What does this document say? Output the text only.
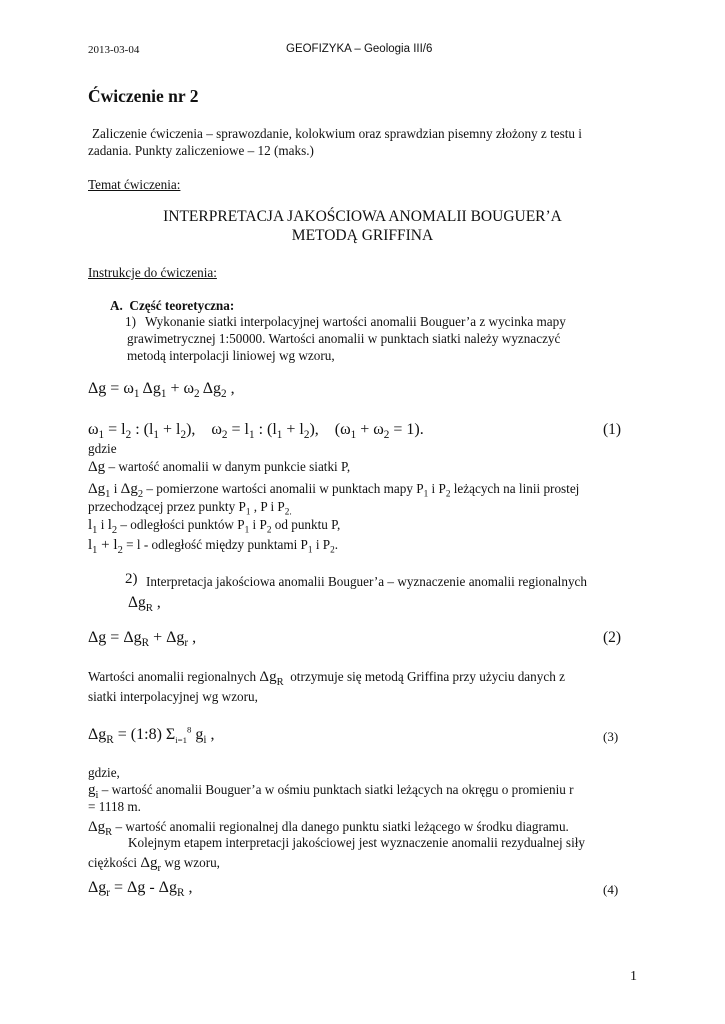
2013-03-04	GEOFIZYKA – Geologia III/6
Ćwiczenie nr 2
Zaliczenie ćwiczenia – sprawozdanie, kolokwium oraz sprawdzian pisemny złożony z testu i
zadania. Punkty zaliczeniowe – 12 (maks.)
Temat ćwiczenia:
INTERPRETACJA JAKOŚCIOWA ANOMALII BOUGUER’A
METODĄ GRIFFINA
Instrukcje do ćwiczenia:
A. Część teoretyczna:
1) Wykonanie siatki interpolacyjnej wartości anomalii Bouguer’a z wycinka mapy
grawimetrycznej 1:50000. Wartości anomalii w punktach siatki należy wyznaczyć
metodą interpolacji liniowej wg wzoru,
$\Delta g = \omega_1$ $\Delta g_1 + \omega_2$ $\Delta g_2$ ,
$\omega_1 = l_2$ : $(l_1 + l_2)$,    $\omega_2 = l_1$ : $(l_1 + l_2)$,    $(\omega_1 + \omega_2 = 1)$.	(1)
gdzie
Δg – wartość anomalii w danym punkcie siatki P,
$\Delta g_1$ i $\Delta g_2$ – pomierzone wartości anomalii w punktach mapy $P_1$ i $P_2$ leżących na linii prostej
przechodzącej przez punkty $P_1$ , P i $P_{2.}$
$l_1$ i $l_2$ – odległości punktów $P_1$ i $P_2$ od punktu P,
$l_1 + l_2 = l$ - odległość między punktami $P_1$ i $P_2$.
2) Interpretacja jakościowa anomalii Bouguer’a – wyznaczenie anomalii regionalnych
$\Delta g_R$ ,
$\Delta g = \Delta g_R + \Delta g_r$ ,	(2)
Wartości anomalii regionalnych $\Delta g_R$ otrzymuje się metodą Griffina przy użyciu danych z
siatki interpolacyjnej wg wzoru,
$\Delta g_R$ = (1:8) $\Sigma_{i=1}^8$ $g_i$ ,	(3)
gdzie,
$g_i$ – wartość anomalii Bouguer’a w ośmiu punktach siatki leżących na okręgu o promieniu r
= 1118 m.
$\Delta g_R$ – wartość anomalii regionalnej dla danego punktu siatki leżącego w środku diagramu.
Kolejnym etapem interpretacji jakościowej jest wyznaczenie anomalii rezydualnej siły
ciężkości $\Delta g_r$ wg wzoru,
$\Delta g_r = \Delta g - \Delta g_R$ ,	(4)
1
